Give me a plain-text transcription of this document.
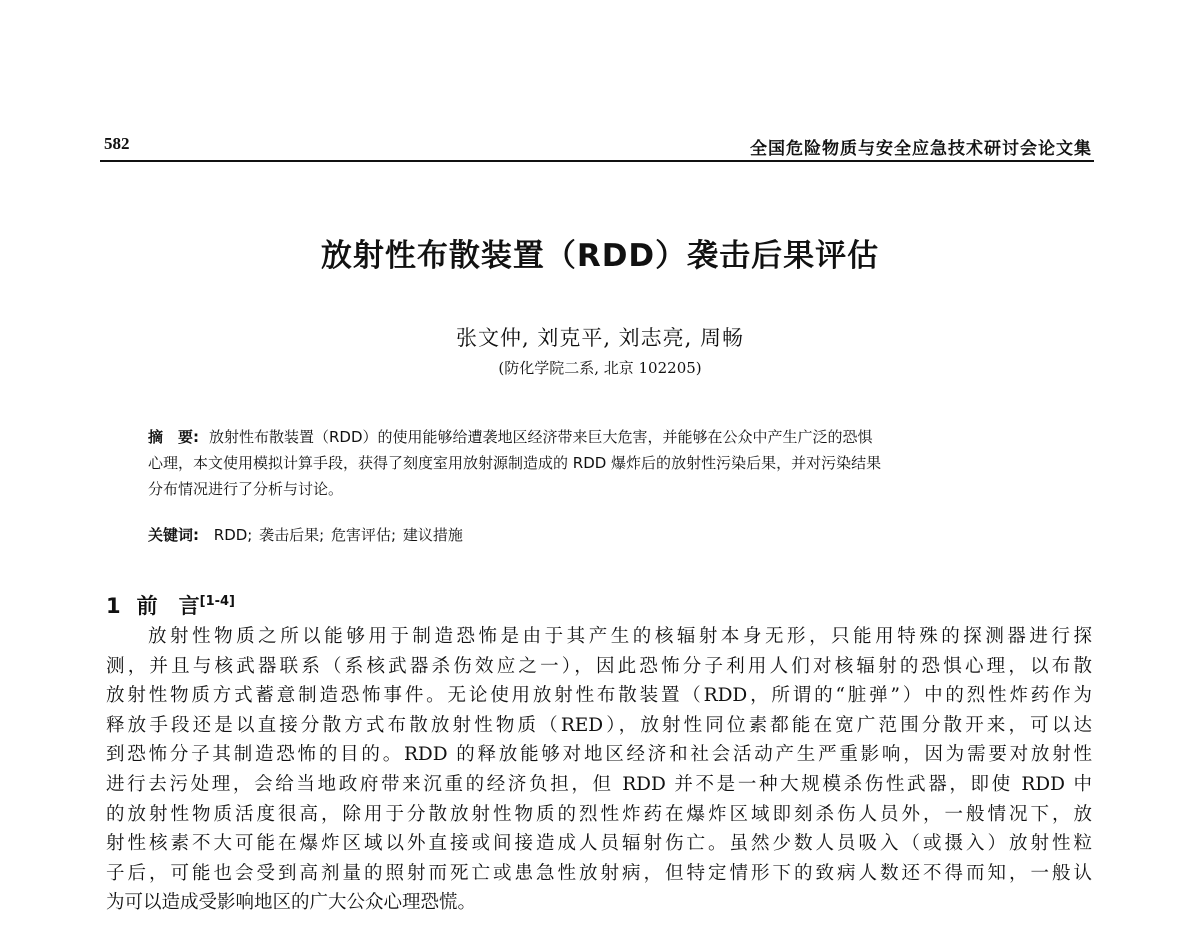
582	全国危险物质与安全应急技术研讨会论文集
放射性布散装置（RDD）袭击后果评估
张文仲, 刘克平, 刘志亮, 周畅
(防化学院二系, 北京 102205)
摘　要: 放射性布散装置（RDD）的使用能够给遭袭地区经济带来巨大危害，并能够在公众中产生广泛的恐惧
心理，本文使用模拟计算手段，获得了刻度室用放射源制造成的 RDD 爆炸后的放射性污染后果，并对污染结果
分布情况进行了分析与讨论。
关键词: RDD; 袭击后果; 危害评估; 建议措施
1 前　言[1-4]
放射性物质之所以能够用于制造恐怖是由于其产生的核辐射本身无形，只能用特殊的探测器进行探
测，并且与核武器联系（系核武器杀伤效应之一），因此恐怖分子利用人们对核辐射的恐惧心理，以布散
放射性物质方式蓄意制造恐怖事件。无论使用放射性布散装置（RDD，所谓的“脏弹”）中的烈性炸药作为
释放手段还是以直接分散方式布散放射性物质（RED），放射性同位素都能在宽广范围分散开来，可以达
到恐怖分子其制造恐怖的目的。RDD 的释放能够对地区经济和社会活动产生严重影响，因为需要对放射性
进行去污处理，会给当地政府带来沉重的经济负担，但 RDD 并不是一种大规模杀伤性武器，即使 RDD 中
的放射性物质活度很高，除用于分散放射性物质的烈性炸药在爆炸区域即刻杀伤人员外，一般情况下，放
射性核素不大可能在爆炸区域以外直接或间接造成人员辐射伤亡。虽然少数人员吸入（或摄入）放射性粒
子后，可能也会受到高剂量的照射而死亡或患急性放射病，但特定情形下的致病人数还不得而知，一般认
为可以造成受影响地区的广大公众心理恐慌。
